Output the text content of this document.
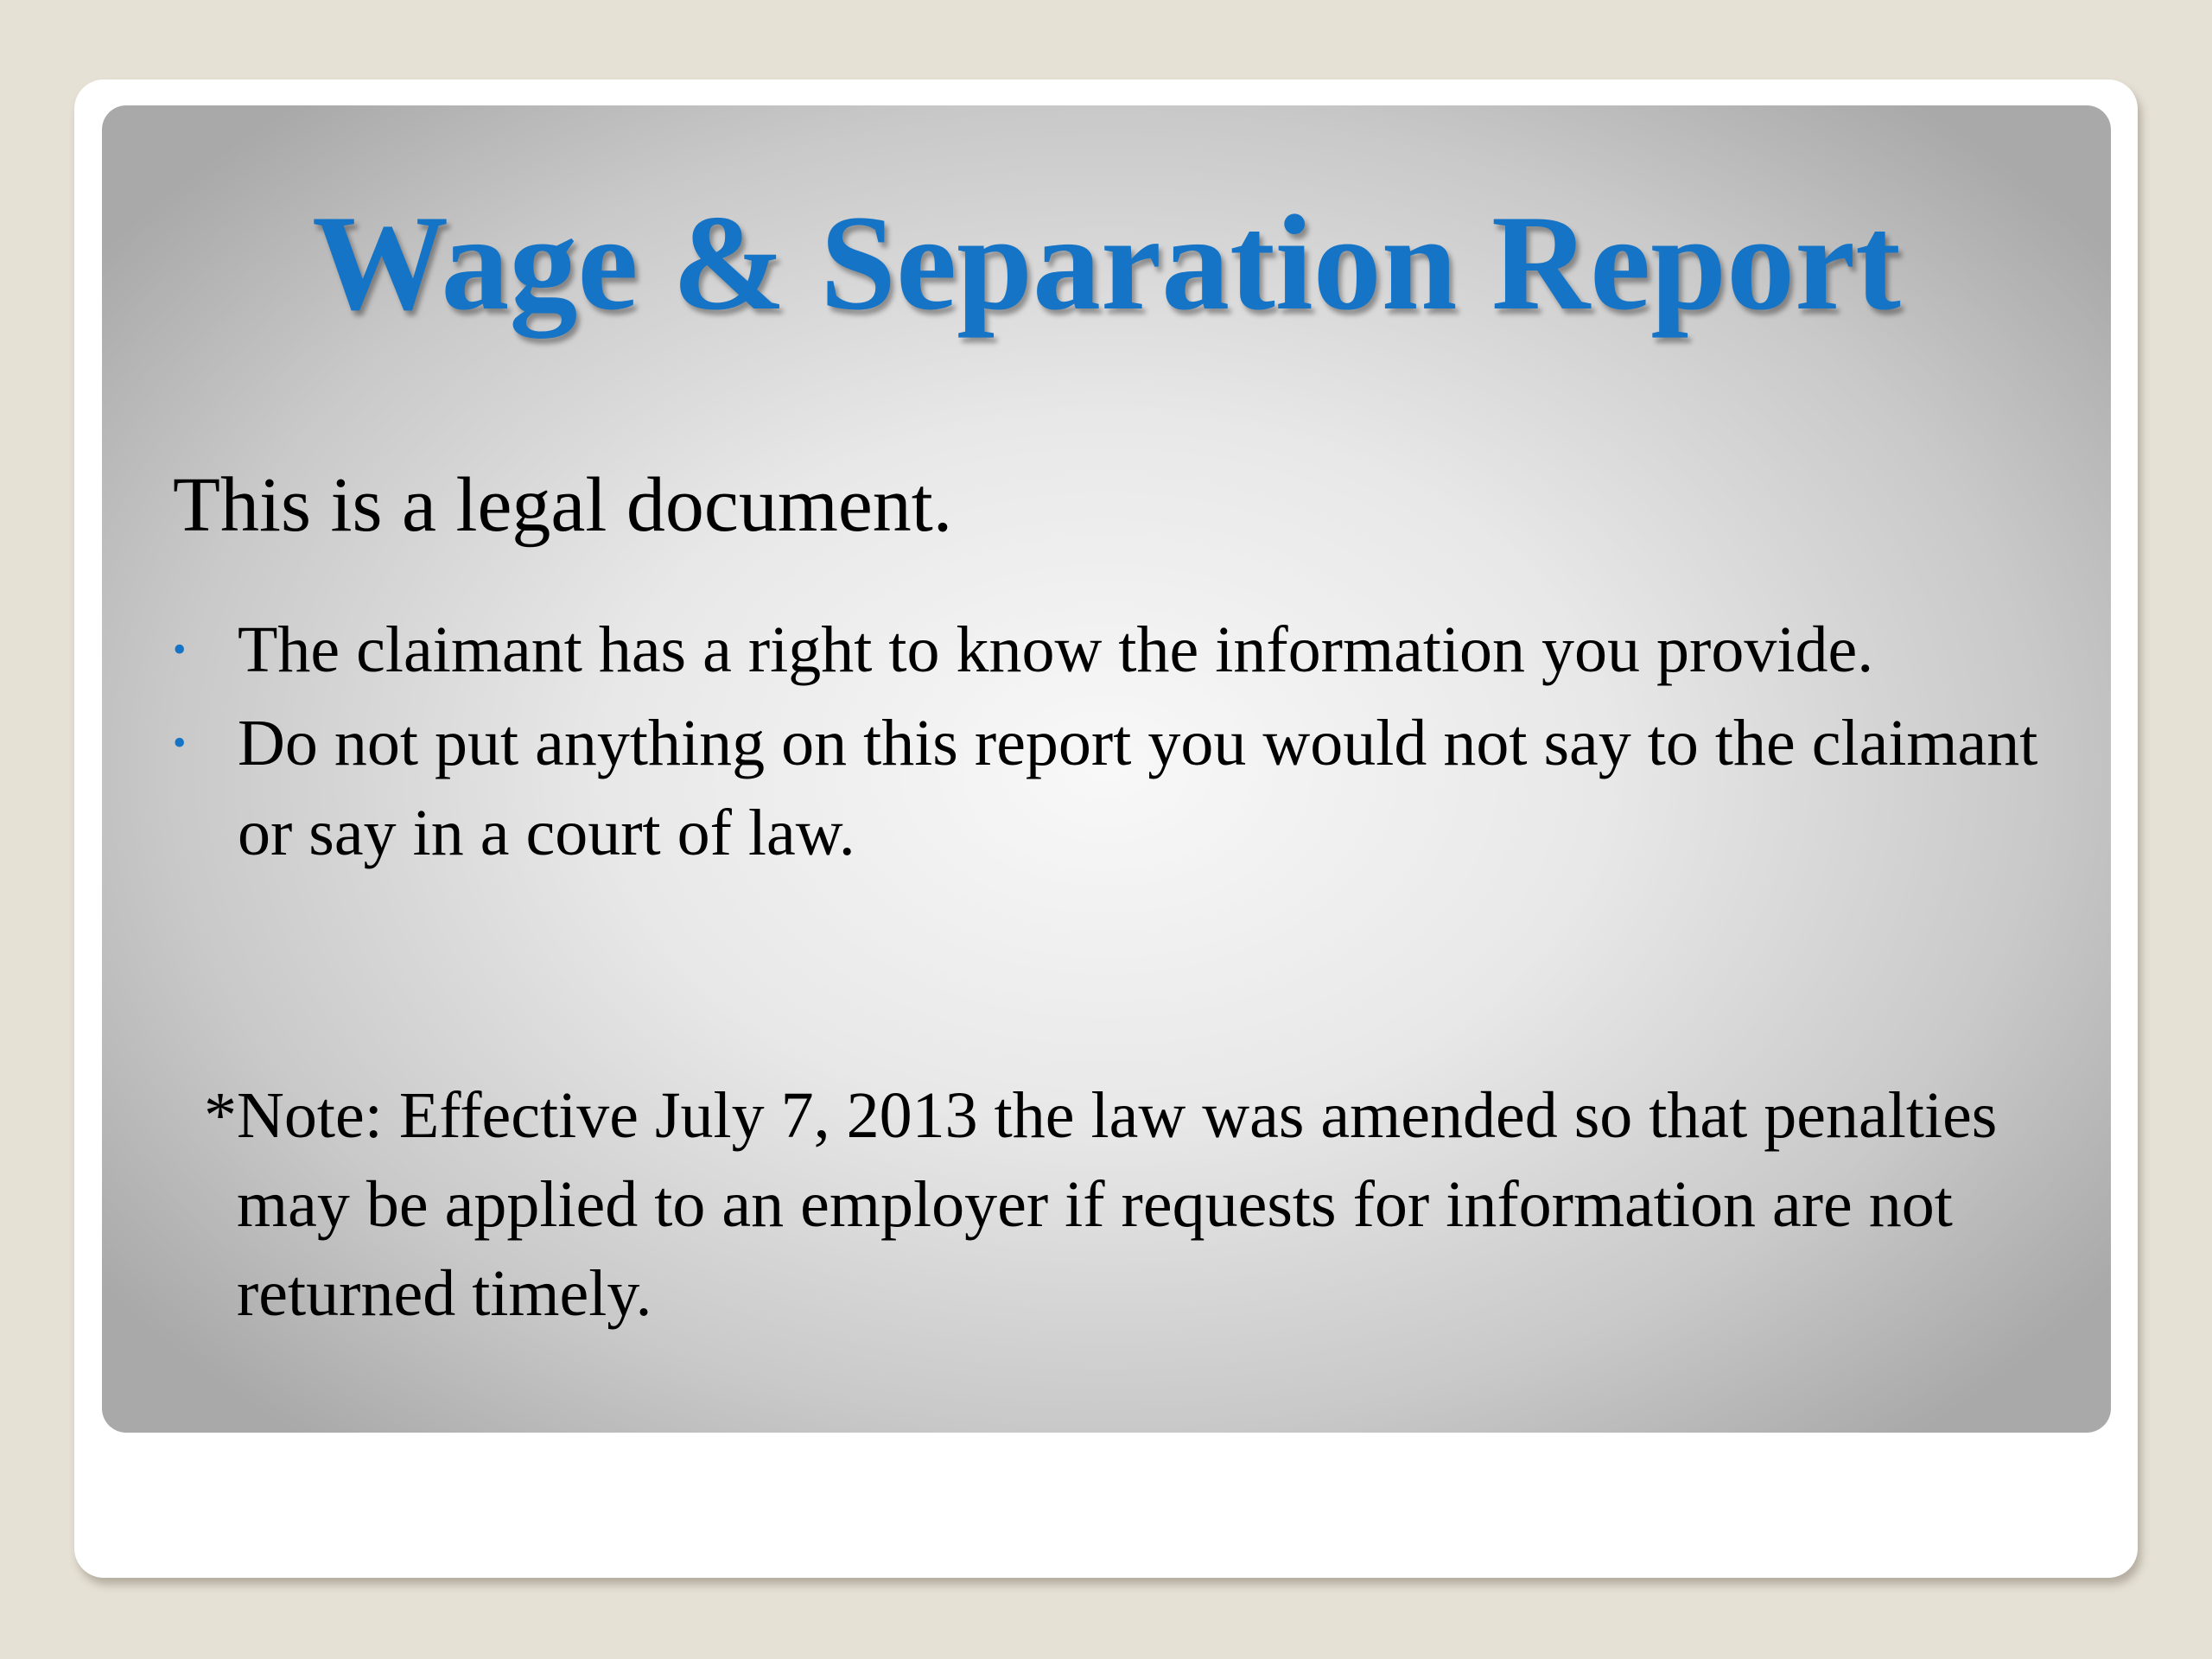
Wage & Separation Report

This is a legal document.

• The claimant has a right to know the information you provide.
• Do not put anything on this report you would not say to the claimant or say in a court of law.

*Note: Effective July 7, 2013 the law was amended so that penalties may be applied to an employer if requests for information are not returned timely.
